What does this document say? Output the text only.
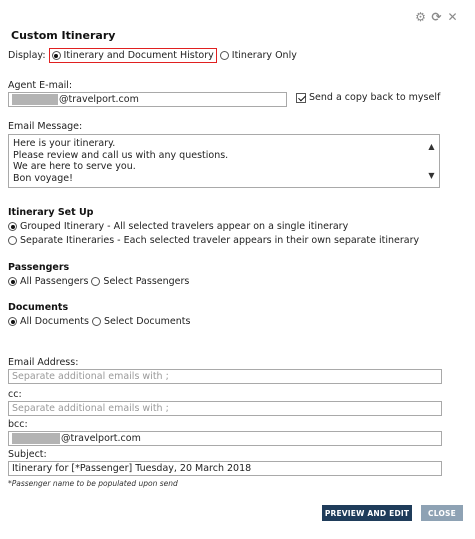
⚙ ⟳ ✕
Custom Itinerary
Display: Itinerary and Document History Itinerary Only
Agent E-mail:
@travelport.com	Send a copy back to myself
Email Message:
Here is your itinerary.
Please review and call us with any questions.
We are here to serve you.
Bon voyage!
▲
▼
Itinerary Set Up
Grouped Itinerary - All selected travelers appear on a single itinerary
Separate Itineraries - Each selected traveler appears in their own separate itinerary
Passengers
All Passengers Select Passengers
Documents
All Documents Select Documents
Email Address:
Separate additional emails with ;
cc:
Separate additional emails with ;
bcc:
@travelport.com
Subject:
Itinerary for [*Passenger] Tuesday, 20 March 2018
*Passenger name to be populated upon send
PREVIEW AND EDIT	CLOSE
